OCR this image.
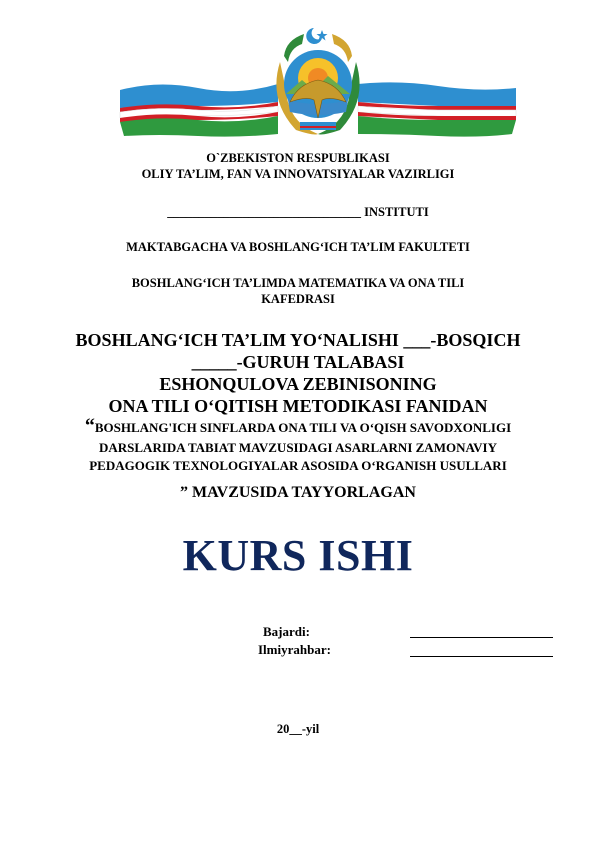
O`ZBEKISTON RESPUBLIKASI
OLIY TA’LIM, FAN VA INNOVATSIYALAR VAZIRLIGI
_______________________________ INSTITUTI
MAKTABGACHA VA BOSHLANG‘ICH TA’LIM FAKULTETI
BOSHLANG‘ICH TA’LIMDA MATEMATIKA VA ONA TILI
KAFEDRASI
BOSHLANG‘ICH TA’LIM YO‘NALISHI ___-BOSQICH
_____-GURUH TALABASI
ESHONQULOVA ZEBINISONING
ONA TILI O‘QITISH METODIKASI FANIDAN
“BOSHLANG'ICH SINFLARDA ONA TILI VA O‘QISH SAVODXONLIGI
DARSLARIDA TABIAT MAVZUSIDAGI ASARLARNI ZAMONAVIY
PEDAGOGIK TEXNOLOGIYALAR ASOSIDA O‘RGANISH USULLARI
” MAVZUSIDA TAYYORLAGAN
KURS ISHI
Bajardi:
Ilmiyrahbar:
20__-yil
